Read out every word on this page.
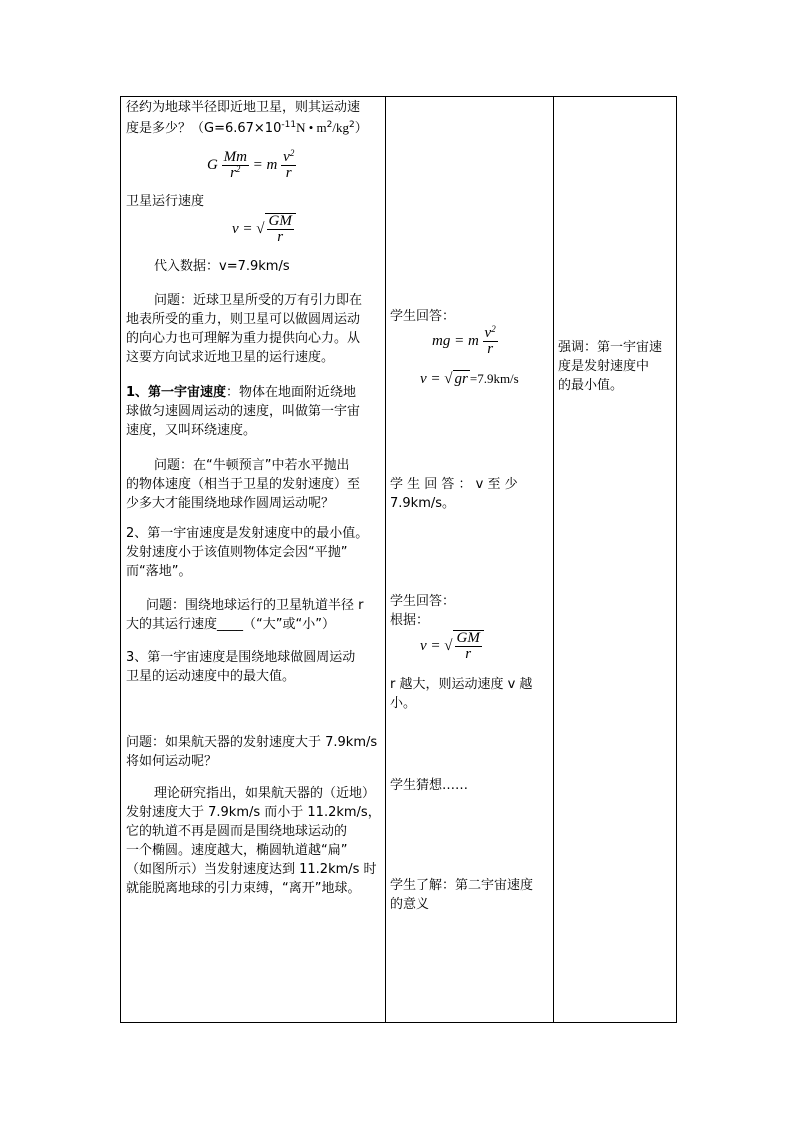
径约为地球半径即近地卫星，则其运动速
度是多少？（$G=6.67\times 10^{-11}N$ • $m^2/kg^2$）
G $\frac{Mm}{r^2} = m \frac{v^2}{r}$
卫星运行速度
v = √ $\frac{GM}{r}$
代入数据：v=7.9km/s
问题：近球卫星所受的万有引力即在
地表所受的重力，则卫星可以做圆周运动
的向心力也可理解为重力提供向心力。从
这要方向试求近地卫星的运行速度。
1、第一宇宙速度：物体在地面附近绕地
球做匀速圆周运动的速度，叫做第一宇宙
速度，又叫环绕速度。
问题：在“牛顿预言”中若水平抛出
的物体速度（相当于卫星的发射速度）至
少多大才能围绕地球作圆周运动呢？
2、第一宇宙速度是发射速度中的最小值。
发射速度小于该值则物体定会因“平抛”
而“落地”。
问题：围绕地球运行的卫星轨道半径 r
大的其运行速度____（“大”或“小”）
3、第一宇宙速度是围绕地球做圆周运动
卫星的运动速度中的最大值。
问题：如果航天器的发射速度大于 7.9km/s
将如何运动呢？
理论研究指出，如果航天器的（近地）
发射速度大于 7.9km/s 而小于 11.2km/s，
它的轨道不再是圆而是围绕地球运动的
一个椭圆。速度越大，椭圆轨道越“扁”
（如图所示）当发射速度达到 11.2km/s 时
就能脱离地球的引力束缚，“离开”地球。
学生回答：
mg = m $\frac{v^2}{r}$
v = √ gr =7.9km/s
学 生 回 答 ： v 至 少
7.9km/s。
学生回答：
根据：
v = √ $\frac{GM}{r}$
r 越大，则运动速度 v 越
小。
学生猜想……
学生了解：第二宇宙速度
的意义
强调：第一宇宙速
度是发射速度中
的最小值。
